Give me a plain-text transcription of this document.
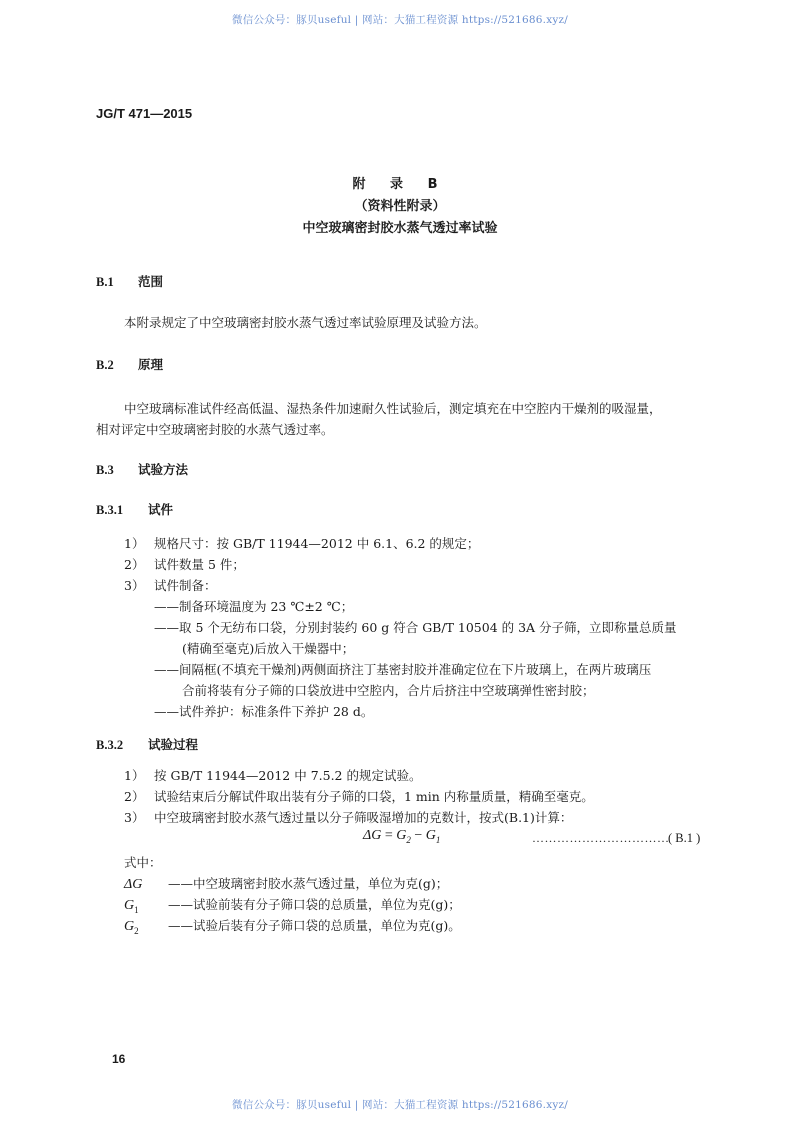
微信公众号：豚贝useful | 网站：大猫工程资源 https://521686.xyz/
JG/T 471—2015
附 录 B
（资料性附录）
中空玻璃密封胶水蒸气透过率试验
B.1 范围
本附录规定了中空玻璃密封胶水蒸气透过率试验原理及试验方法。
B.2 原理
中空玻璃标准试件经高低温、湿热条件加速耐久性试验后，测定填充在中空腔内干燥剂的吸湿量，
相对评定中空玻璃密封胶的水蒸气透过率。
B.3 试验方法
B.3.1 试件
1） 规格尺寸：按 GB/T 11944—2012 中 6.1、6.2 的规定；
2） 试件数量 5 件；
3） 试件制备：
——制备环境温度为 23 ℃±2 ℃；
——取 5 个无纺布口袋，分别封装约 60 g 符合 GB/T 10504 的 3A 分子筛，立即称量总质量
(精确至毫克)后放入干燥器中；
——间隔框(不填充干燥剂)两侧面挤注丁基密封胶并准确定位在下片玻璃上，在两片玻璃压
合前将装有分子筛的口袋放进中空腔内，合片后挤注中空玻璃弹性密封胶；
——试件养护：标准条件下养护 28 d。
B.3.2 试验过程
1） 按 GB/T 11944—2012 中 7.5.2 的规定试验。
2） 试验结束后分解试件取出装有分子筛的口袋，1 min 内称量质量，精确至毫克。
3） 中空玻璃密封胶水蒸气透过量以分子筛吸湿增加的克数计，按式(B.1)计算：
$\Delta G = G_2 - G_1$	……………………………
( B.1 )
式中：
ΔG ——中空玻璃密封胶水蒸气透过量，单位为克(g)；
$G_1$ ——试验前装有分子筛口袋的总质量，单位为克(g)；
$G_2$ ——试验后装有分子筛口袋的总质量，单位为克(g)。
16
微信公众号：豚贝useful | 网站：大猫工程资源 https://521686.xyz/
